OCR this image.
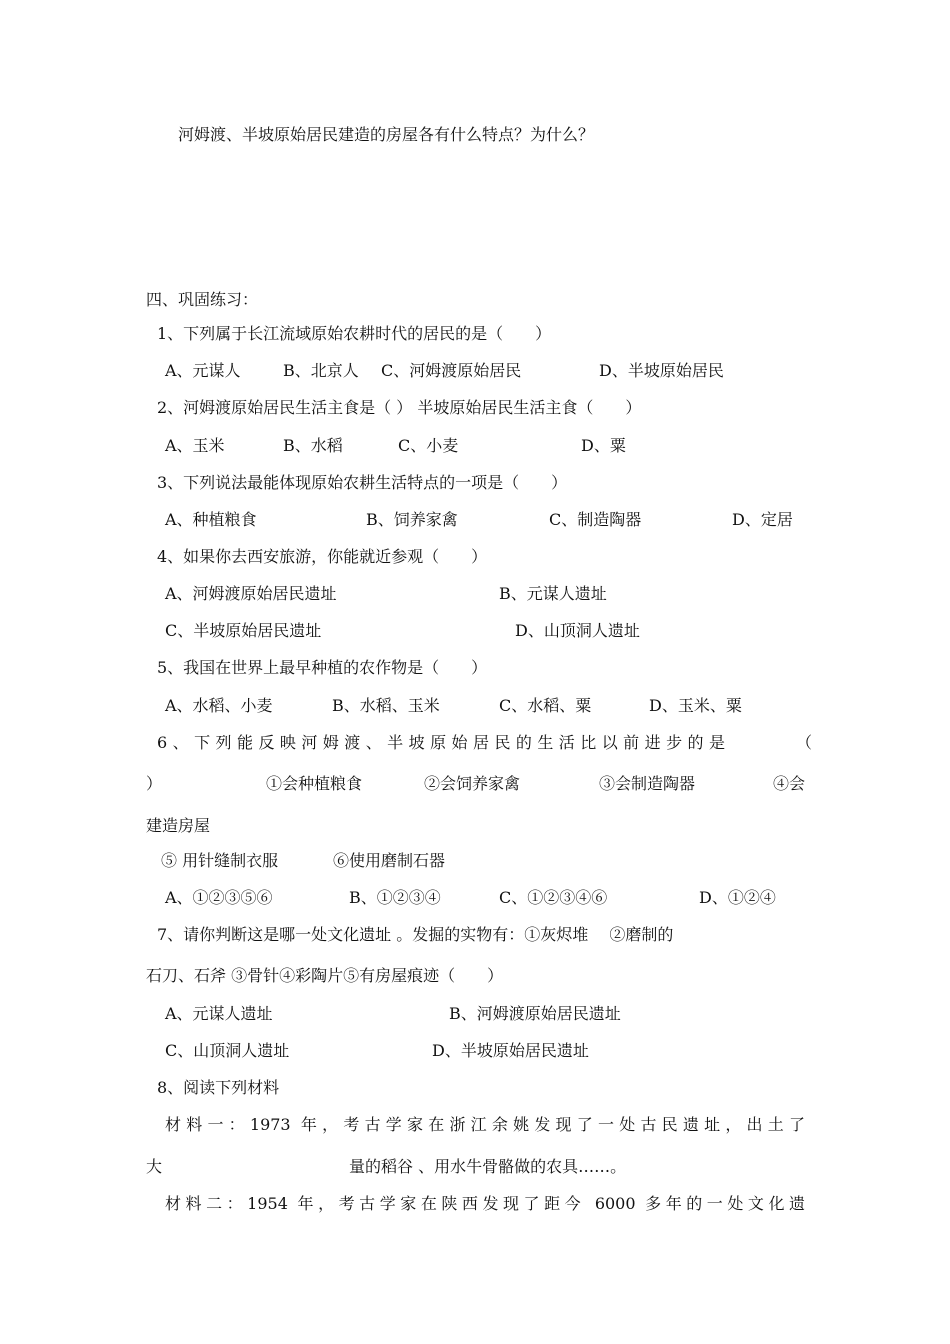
河姆渡、半坡原始居民建造的房屋各有什么特点？为什么？
四、巩固练习：
1、下列属于长江流域原始农耕时代的居民的是（　　）
A、元谋人	B、北京人 C、河姆渡原始居民	D、半坡原始居民
2、河姆渡原始居民生活主食是（ ） 半坡原始居民生活主食（　　）
A、玉米	B、水稻	C、小麦	D、粟
3、下列说法最能体现原始农耕生活特点的一项是（　　）
A、种植粮食	B、饲养家禽	C、制造陶器	D、定居
4、如果你去西安旅游，你能就近参观（　　）
A、河姆渡原始居民遗址	B、元谋人遗址
C、半坡原始居民遗址	D、山顶洞人遗址
5、我国在世界上最早种植的农作物是（　　）
A、水稻、小麦	B、水稻、玉米	C、水稻、粟	D、玉米、粟
6、下列能反映河姆渡、半坡原始居民的生活比以前进步的是	（
）	①会种植粮食	②会饲养家禽	③会制造陶器	④会
建造房屋
⑤ 用针缝制衣服	⑥使用磨制石器
A、①②③⑤⑥	B、①②③④	C、①②③④⑥	D、①②④
7、请你判断这是哪一处文化遗址 。发掘的实物有：①灰烬堆　 ②磨制的
石刀、石斧 ③骨针④彩陶片⑤有房屋痕迹（　　）
A、元谋人遗址	B、河姆渡原始居民遗址
C、山顶洞人遗址	D、半坡原始居民遗址
8、阅读下列材料
材料一：1973 年，考古学家在浙江余姚发现了一处古民遗址，出土了
大	量的稻谷 、用水牛骨骼做的农具……。
材料二：1954 年，考古学家在陕西发现了距今 6000 多年的一处文化遗
